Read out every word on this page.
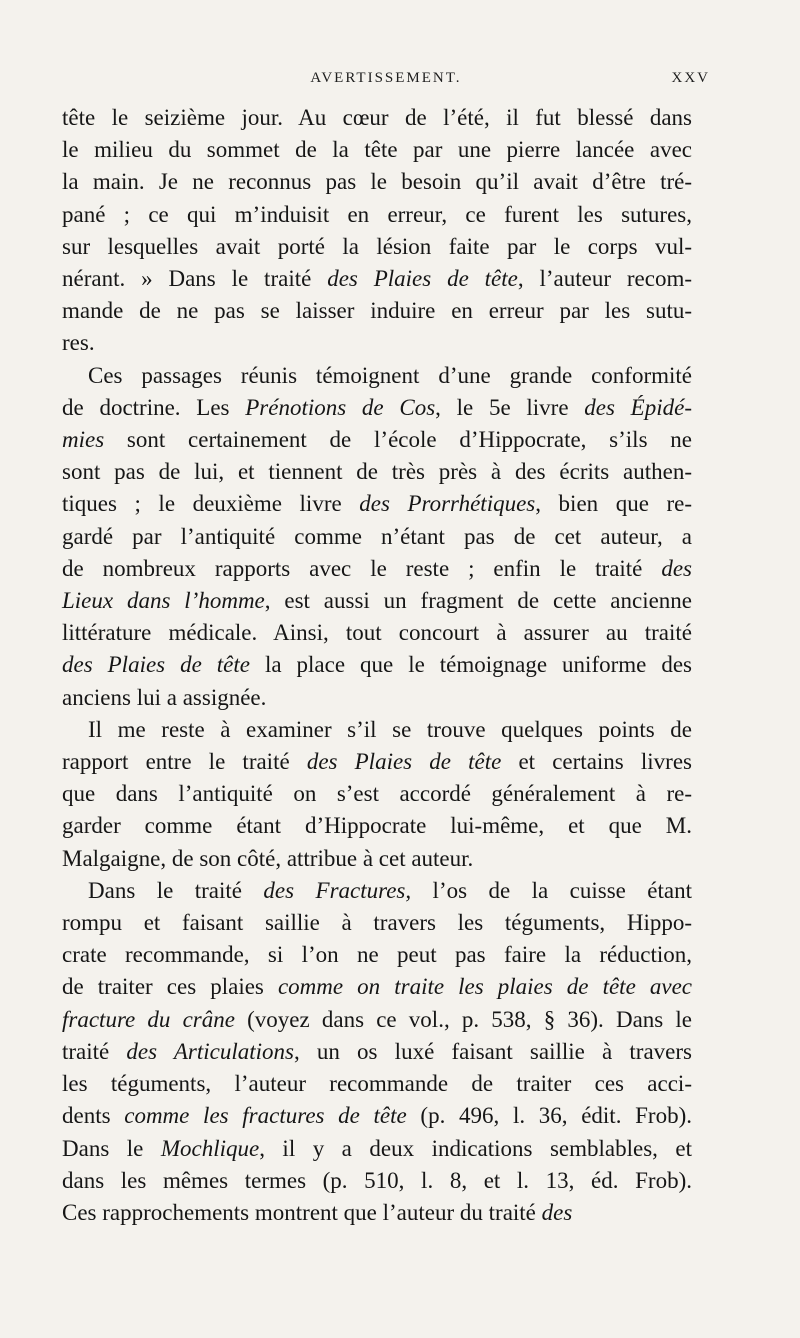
AVERTISSEMENT.	XXV

tête le seizième jour. Au cœur de l’été, il fut blessé dans
le milieu du sommet de la tête par une pierre lancée avec
la main. Je ne reconnus pas le besoin qu’il avait d’être tré-
pané ; ce qui m’induisit en erreur, ce furent les sutures,
sur lesquelles avait porté la lésion faite par le corps vul-
nérant. » Dans le traité des Plaies de tête, l’auteur recom-
mande de ne pas se laisser induire en erreur par les sutu-
res.

Ces passages réunis témoignent d’une grande conformité
de doctrine. Les Prénotions de Cos, le 5e livre des Épidé-
mies sont certainement de l’école d’Hippocrate, s’ils ne
sont pas de lui, et tiennent de très près à des écrits authen-
tiques ; le deuxième livre des Prorrhétiques, bien que re-
gardé par l’antiquité comme n’étant pas de cet auteur, a
de nombreux rapports avec le reste ; enfin le traité des
Lieux dans l’homme, est aussi un fragment de cette ancienne
littérature médicale. Ainsi, tout concourt à assurer au traité
des Plaies de tête la place que le témoignage uniforme des
anciens lui a assignée.

Il me reste à examiner s’il se trouve quelques points de
rapport entre le traité des Plaies de tête et certains livres
que dans l’antiquité on s’est accordé généralement à re-
garder comme étant d’Hippocrate lui-même, et que M.
Malgaigne, de son côté, attribue à cet auteur.

Dans le traité des Fractures, l’os de la cuisse étant
rompu et faisant saillie à travers les téguments, Hippo-
crate recommande, si l’on ne peut pas faire la réduction,
de traiter ces plaies comme on traite les plaies de tête avec
fracture du crâne (voyez dans ce vol., p. 538, § 36). Dans le
traité des Articulations, un os luxé faisant saillie à travers
les téguments, l’auteur recommande de traiter ces acci-
dents comme les fractures de tête (p. 496, l. 36, édit. Frob).
Dans le Mochlique, il y a deux indications semblables, et
dans les mêmes termes (p. 510, l. 8, et l. 13, éd. Frob).
Ces rapprochements montrent que l’auteur du traité des
